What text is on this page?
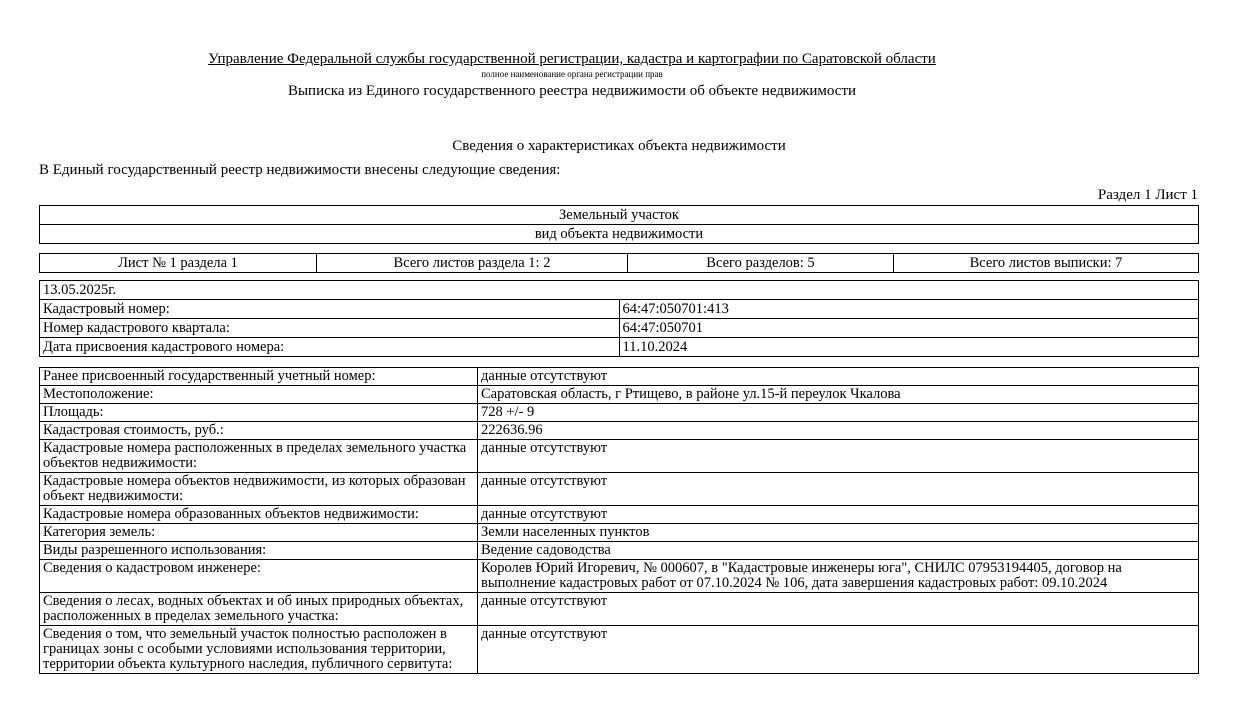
Управление Федеральной службы государственной регистрации, кадастра и картографии по Саратовской области
полное наименование органа регистрации прав
Выписка из Единого государственного реестра недвижимости об объекте недвижимости
Сведения о характеристиках объекта недвижимости
В Единый государственный реестр недвижимости внесены следующие сведения:
Раздел 1 Лист 1
Земельный участок
вид объекта недвижимости
Лист № 1 раздела 1	Всего листов раздела 1: 2	Всего разделов: 5	Всего листов выписки: 7
13.05.2025г.	
Кадастровый номер:	64:47:050701:413
Номер кадастрового квартала:	64:47:050701
Дата присвоения кадастрового номера:	11.10.2024
Ранее присвоенный государственный учетный номер:	данные отсутствуют
Местоположение:	Саратовская область, г Ртищево, в районе ул.15-й переулок Чкалова
Площадь:	728 +/- 9
Кадастровая стоимость, руб.:	222636.96
Кадастровые номера расположенных в пределах земельного участка объектов недвижимости:	данные отсутствуют
Кадастровые номера объектов недвижимости, из которых образован объект недвижимости:	данные отсутствуют
Кадастровые номера образованных объектов недвижимости:	данные отсутствуют
Категория земель:	Земли населенных пунктов
Виды разрешенного использования:	Ведение садоводства
Сведения о кадастровом инженере:	Королев Юрий Игоревич, № 000607, в "Кадастровые инженеры юга", СНИЛС 07953194405, договор на выполнение кадастровых работ от 07.10.2024 № 106, дата завершения кадастровых работ: 09.10.2024
Сведения о лесах, водных объектах и об иных природных объектах, расположенных в пределах земельного участка:	данные отсутствуют
Сведения о том, что земельный участок полностью расположен в границах зоны с особыми условиями использования территории, территории объекта культурного наследия, публичного сервитута:	данные отсутствуют
